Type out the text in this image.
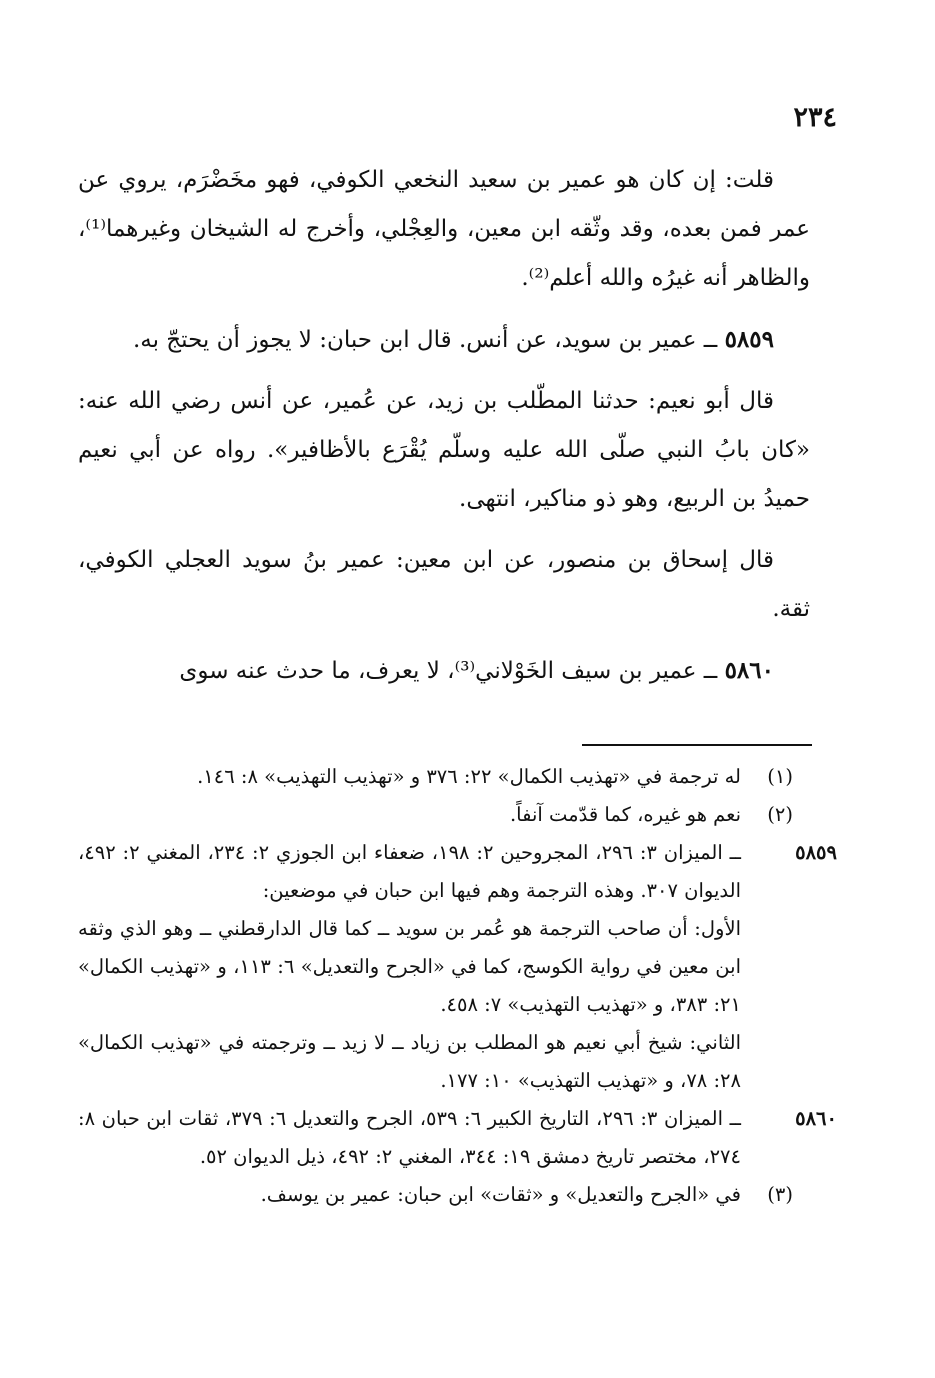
٢٣٤

قلت: إن كان هو عمير بن سعيد النخعي الكوفي، فهو مخَضْرَم، يروي عن عمر فمن بعده، وقد وثّقه ابن معين، والعِجْلي، وأخرج له الشيخان وغيرهما⁽¹⁾، والظاهر أنه غيرُه والله أعلم⁽²⁾.

٥٨٥٩ ــ عمير بن سويد، عن أنس. قال ابن حبان: لا يجوز أن يحتجّ به.

قال أبو نعيم: حدثنا المطّلب بن زيد، عن عُمير، عن أنس رضي الله عنه: «كان بابُ النبي صلّى الله عليه وسلّم يُقْرَع بالأظافير». رواه عن أبي نعيم حميدُ بن الربيع، وهو ذو مناكير، انتهى.

قال إسحاق بن منصور، عن ابن معين: عمير بنُ سويد العجلي الكوفي، ثقة.

٥٨٦٠ ــ عمير بن سيف الخَوْلاني⁽³⁾، لا يعرف، ما حدث عنه سوى

(١)
له ترجمة في «تهذيب الكمال» ٢٢: ٣٧٦ و «تهذيب التهذيب» ٨: ١٤٦.
(٢)
نعم هو غيره، كما قدّمت آنفاً.
٥٨٥٩

ــ الميزان ٣: ٢٩٦، المجروحين ٢: ١٩٨، ضعفاء ابن الجوزي ٢: ٢٣٤، المغني ٢: ٤٩٢، الديوان ٣٠٧. وهذه الترجمة وهم فيها ابن حبان في موضعين:

الأول: أن صاحب الترجمة هو عُمر بن سويد ــ كما قال الدارقطني ــ وهو الذي وثقه ابن معين في رواية الكوسج، كما في «الجرح والتعديل» ٦: ١١٣، و «تهذيب الكمال» ٢١: ٣٨٣، و «تهذيب التهذيب» ٧: ٤٥٨.

الثاني: شيخ أبي نعيم هو المطلب بن زياد ــ لا زيد ــ وترجمته في «تهذيب الكمال» ٢٨: ٧٨، و «تهذيب التهذيب» ١٠: ١٧٧.

٥٨٦٠

ــ الميزان ٣: ٢٩٦، التاريخ الكبير ٦: ٥٣٩، الجرح والتعديل ٦: ٣٧٩، ثقات ابن حبان ٨: ٢٧٤، مختصر تاريخ دمشق ١٩: ٣٤٤، المغني ٢: ٤٩٢، ذيل الديوان ٥٢.

(٣)
في «الجرح والتعديل» و «ثقات» ابن حبان: عمير بن يوسف.
